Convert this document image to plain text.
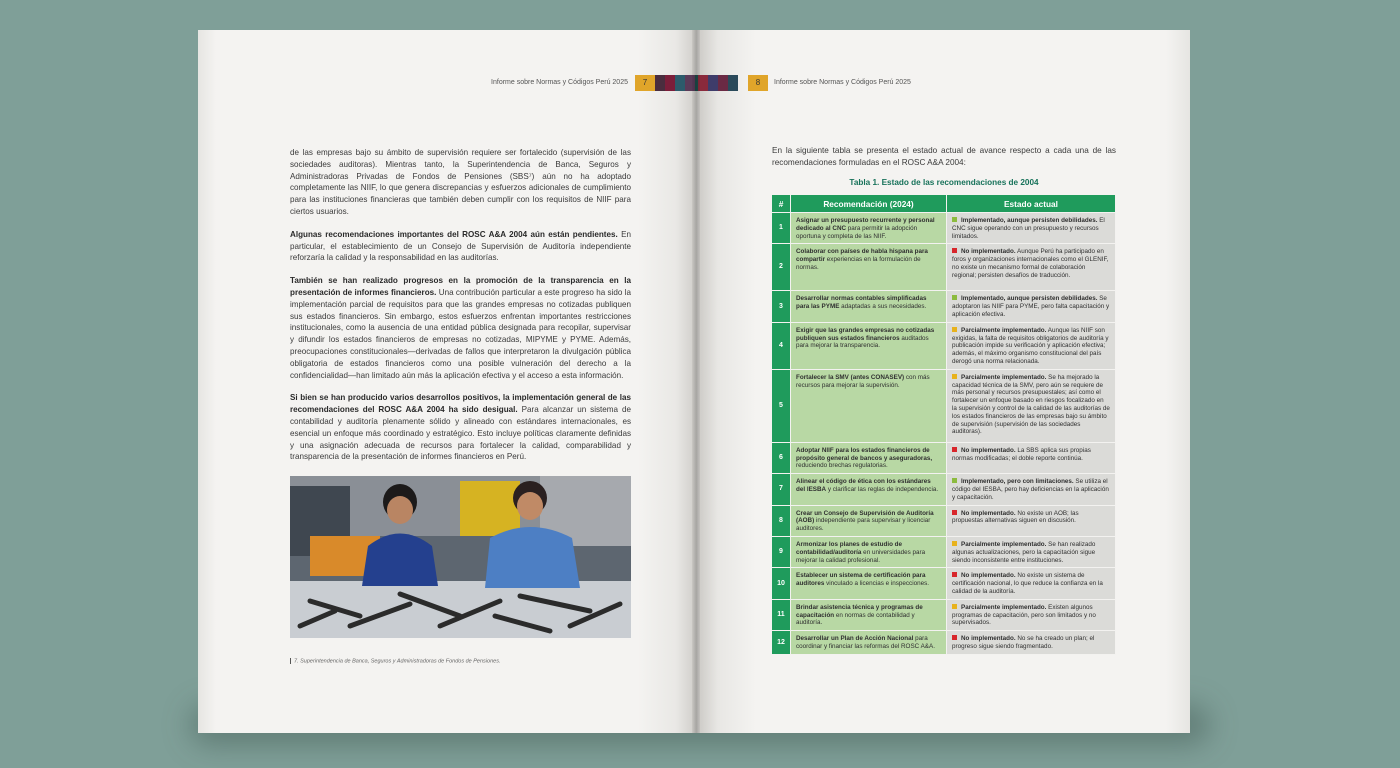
Informe sobre Normas y Códigos Perú 2025	7

de las empresas bajo su ámbito de supervisión requiere ser fortalecido (supervisión de las sociedades auditoras). Mientras tanto, la Superintendencia de Banca, Seguros y Administradoras Privadas de Fondos de Pensiones (SBS⁷) aún no ha adoptado completamente las NIIF, lo que genera discrepancias y esfuerzos adicionales de cumplimiento para las instituciones financieras que también deben cumplir con los requisitos de NIIF para ciertos usuarios.

Algunas recomendaciones importantes del ROSC A&A 2004 aún están pendientes. En particular, el establecimiento de un Consejo de Supervisión de Auditoría independiente reforzaría la calidad y la responsabilidad en las auditorías.

También se han realizado progresos en la promoción de la transparencia en la presentación de informes financieros. Una contribución particular a este progreso ha sido la implementación parcial de requisitos para que las grandes empresas no cotizadas publiquen sus estados financieros. Sin embargo, estos esfuerzos enfrentan importantes restricciones institucionales, como la ausencia de una entidad pública designada para recopilar, supervisar y difundir los estados financieros de empresas no cotizadas, MIPYME y PYME. Además, preocupaciones constitucionales—derivadas de fallos que interpretaron la divulgación pública obligatoria de estados financieros como una posible vulneración del derecho a la confidencialidad—han limitado aún más la aplicación efectiva y el acceso a esta información.

Si bien se han producido varios desarrollos positivos, la implementación general de las recomendaciones del ROSC A&A 2004 ha sido desigual. Para alcanzar un sistema de contabilidad y auditoría plenamente sólido y alineado con estándares internacionales, es esencial un enfoque más coordinado y estratégico. Esto incluye políticas claramente definidas y una asignación adecuada de recursos para fortalecer la calidad, comparabilidad y transparencia de la presentación de informes financieros en Perú.

7. Superintendencia de Banca, Seguros y Administradoras de Fondos de Pensiones.
8	Informe sobre Normas y Códigos Perú 2025
En la siguiente tabla se presenta el estado actual de avance respecto a cada una de las recomendaciones formuladas en el ROSC A&A 2004:
Tabla 1. Estado de las recomendaciones de 2004
#	Recomendación (2024)	Estado actual
1	Asignar un presupuesto recurrente y personal dedicado al CNC para permitir la adopción oportuna y completa de las NIIF.	Implementado, aunque persisten debilidades. El CNC sigue operando con un presupuesto y recursos limitados.
2	Colaborar con países de habla hispana para compartir experiencias en la formulación de normas.	No implementado. Aunque Perú ha participado en foros y organizaciones internacionales como el GLENIF, no existe un mecanismo formal de colaboración regional; persisten desafíos de traducción.
3	Desarrollar normas contables simplificadas para las PYME adaptadas a sus necesidades.	Implementado, aunque persisten debilidades. Se adoptaron las NIIF para PYME, pero falta capacitación y aplicación efectiva.
4	Exigir que las grandes empresas no cotizadas publiquen sus estados financieros auditados para mejorar la transparencia.	Parcialmente implementado. Aunque las NIIF son exigidas, la falta de requisitos obligatorios de auditoría y publicación impide su verificación y aplicación efectiva; además, el máximo organismo constitucional del país derogó una norma relacionada.
5	Fortalecer la SMV (antes CONASEV) con más recursos para mejorar la supervisión.	Parcialmente implementado. Se ha mejorado la capacidad técnica de la SMV, pero aún se requiere de más personal y recursos presupuestales; así como el fortalecer un enfoque basado en riesgos focalizado en la supervisión y control de la calidad de las auditorías de los estados financieros de las empresas bajo su ámbito de supervisión (supervisión de las sociedades auditoras).
6	Adoptar NIIF para los estados financieros de propósito general de bancos y aseguradoras, reduciendo brechas regulatorias.	No implementado. La SBS aplica sus propias normas modificadas; el doble reporte continúa.
7	Alinear el código de ética con los estándares del IESBA y clarificar las reglas de independencia.	Implementado, pero con limitaciones. Se utiliza el código del IESBA, pero hay deficiencias en la aplicación y capacitación.
8	Crear un Consejo de Supervisión de Auditoría (AOB) independiente para supervisar y licenciar auditores.	No implementado. No existe un AOB; las propuestas alternativas siguen en discusión.
9	Armonizar los planes de estudio de contabilidad/auditoría en universidades para mejorar la calidad profesional.	Parcialmente implementado. Se han realizado algunas actualizaciones, pero la capacitación sigue siendo inconsistente entre instituciones.
10	Establecer un sistema de certificación para auditores vinculado a licencias e inspecciones.	No implementado. No existe un sistema de certificación nacional, lo que reduce la confianza en la calidad de la auditoría.
11	Brindar asistencia técnica y programas de capacitación en normas de contabilidad y auditoría.	Parcialmente implementado. Existen algunos programas de capacitación, pero son limitados y no supervisados.
12	Desarrollar un Plan de Acción Nacional para coordinar y financiar las reformas del ROSC A&A.	No implementado. No se ha creado un plan; el progreso sigue siendo fragmentado.
